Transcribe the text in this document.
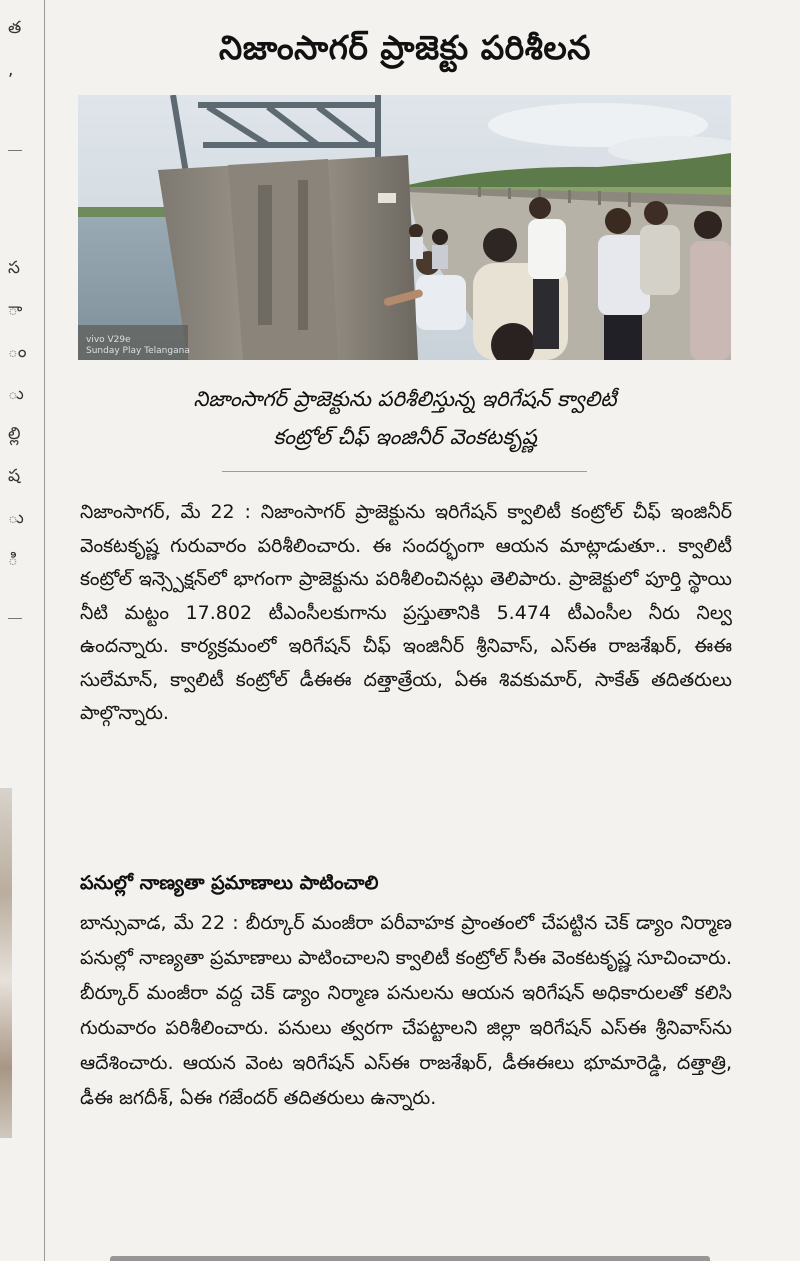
త
,
స
ా
ం
ు
ల్లి
ష
ు
ి
నిజాంసాగర్ ప్రాజెక్టు పరిశీలన
vivo V29e
Sunday Play Telangana
నిజాంసాగర్ ప్రాజెక్టును పరిశీలిస్తున్న ఇరిగేషన్ క్వాలిటీ
కంట్రోల్ చీఫ్ ఇంజినీర్ వెంకటకృష్ణ

నిజాంసాగర్, మే 22 : నిజాంసాగర్ ప్రాజెక్టును ఇరిగేషన్ క్వాలిటీ కంట్రోల్ చీఫ్ ఇంజినీర్ వెంకటకృష్ణ గురువారం పరిశీలించారు. ఈ సందర్భంగా ఆయన మాట్లాడుతూ.. క్వాలిటీ కంట్రోల్ ఇన్స్పెక్షన్‌లో భాగంగా ప్రాజెక్టును పరిశీలించినట్లు తెలిపారు. ప్రాజెక్టులో పూర్తి స్థాయి నీటి మట్టం 17.802 టీఎంసీలకుగాను ప్రస్తుతానికి 5.474 టీఎంసీల నీరు నిల్వ ఉందన్నారు. కార్యక్రమంలో ఇరిగేషన్ చీఫ్ ఇంజినీర్ శ్రీనివాస్, ఎస్ఈ రాజశేఖర్, ఈఈ సులేమాన్, క్వాలిటీ కంట్రోల్ డీఈఈ దత్తాత్రేయ, ఏఈ శివకుమార్, సాకేత్ తదితరులు పాల్గొన్నారు.

పనుల్లో నాణ్యతా ప్రమాణాలు పాటించాలి

బాన్సువాడ, మే 22 : బీర్కూర్ మంజీరా పరీవాహక ప్రాంతంలో చేపట్టిన చెక్ డ్యాం నిర్మాణ పనుల్లో నాణ్యతా ప్రమాణాలు పాటించాలని క్వాలిటీ కంట్రోల్ సీఈ వెంకటకృష్ణ సూచించారు. బీర్కూర్ మంజీరా వద్ద చెక్ డ్యాం నిర్మాణ పనులను ఆయన ఇరిగేషన్ అధికారులతో కలిసి గురువారం పరిశీలించారు. పనులు త్వరగా చేపట్టాలని జిల్లా ఇరిగేషన్ ఎస్ఈ శ్రీనివాస్‌ను ఆదేశించారు. ఆయన వెంట ఇరిగేషన్ ఎస్ఈ రాజశేఖర్, డీఈఈలు భూమారెడ్డి, దత్తాత్రి, డీఈ జగదీశ్, ఏఈ గజేందర్ తదితరులు ఉన్నారు.
